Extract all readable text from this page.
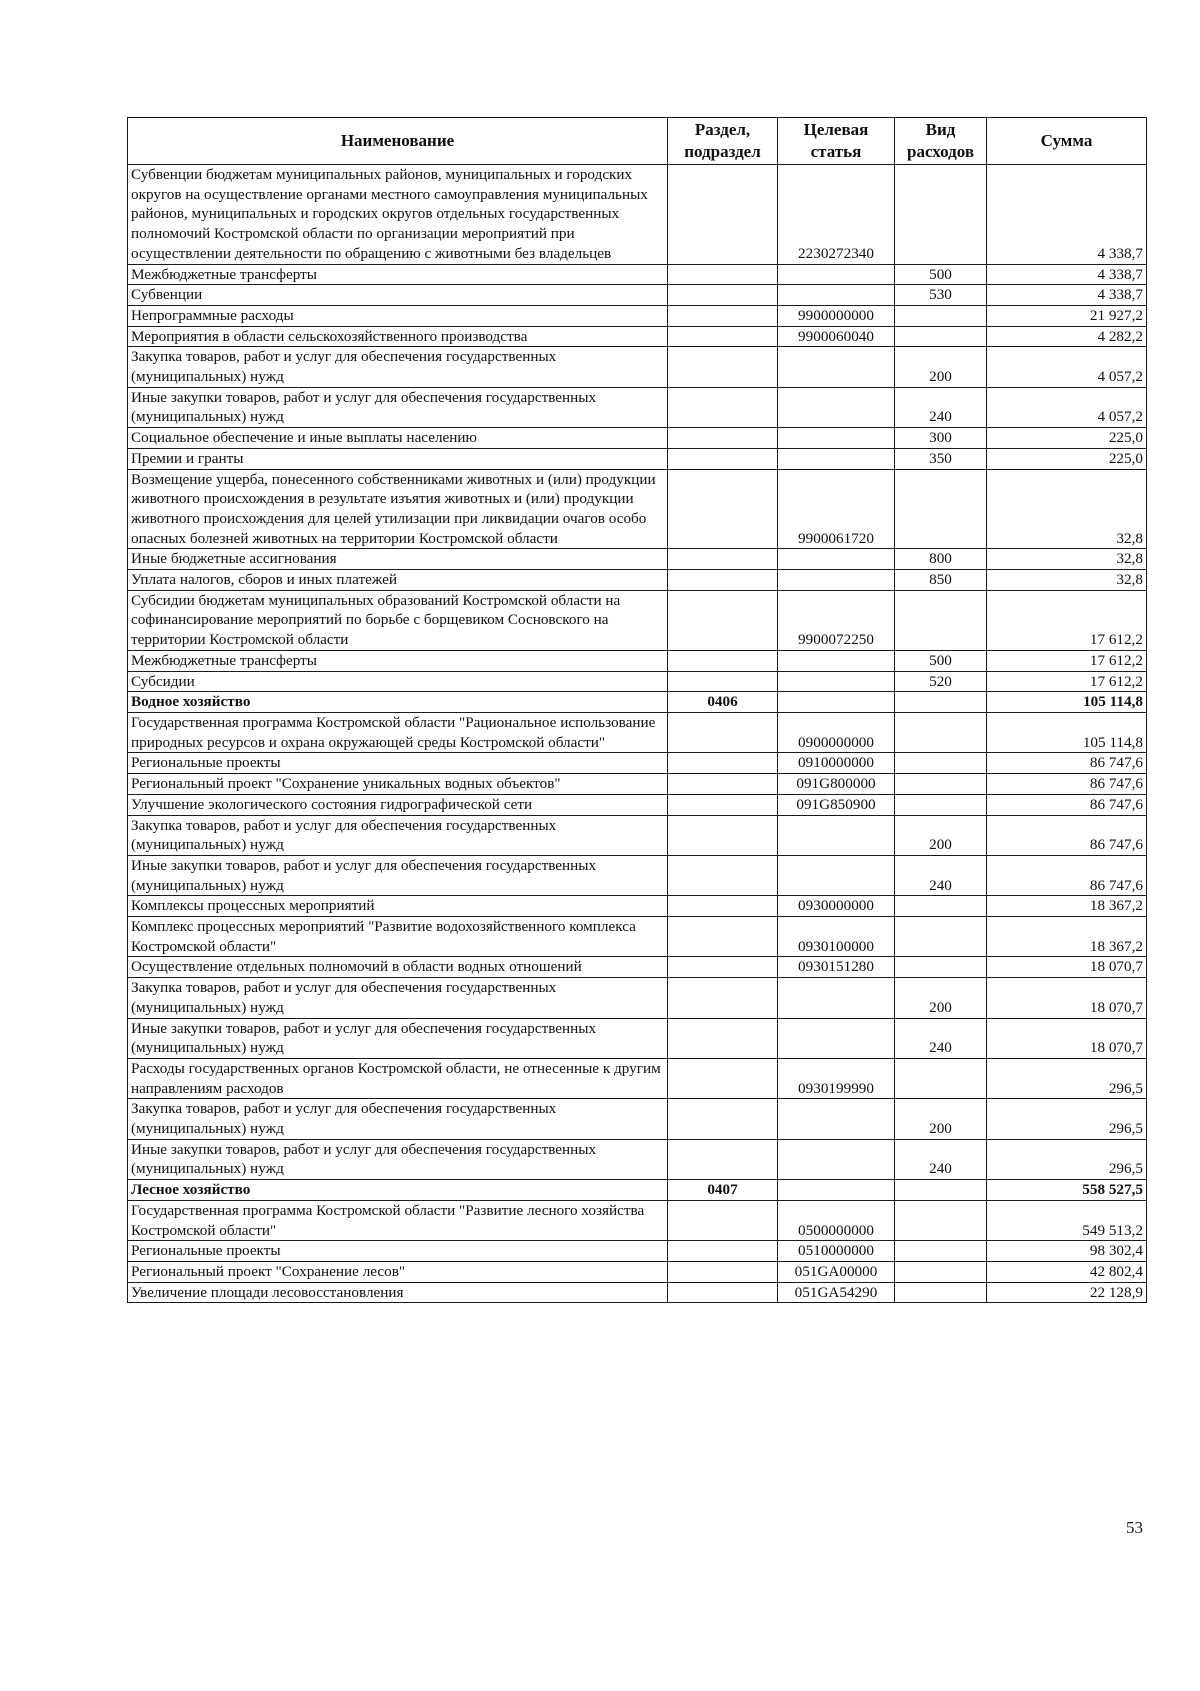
Наименование	Раздел, подраздел	Целевая статья	Вид расходов	Сумма
Субвенции бюджетам муниципальных районов, муниципальных и городских округов на осуществление органами местного самоуправления муниципальных районов, муниципальных и городских округов отдельных государственных полномочий Костромской области по организации мероприятий при осуществлении деятельности по обращению с животными без владельцев		2230272340		4 338,7
Межбюджетные трансферты			500	4 338,7
Субвенции			530	4 338,7
Непрограммные расходы		9900000000		21 927,2
Мероприятия в области сельскохозяйственного производства		9900060040		4 282,2
Закупка товаров, работ и услуг для обеспечения государственных (муниципальных) нужд			200	4 057,2
Иные закупки товаров, работ и услуг для обеспечения государственных (муниципальных) нужд			240	4 057,2
Социальное обеспечение и иные выплаты населению			300	225,0
Премии и гранты			350	225,0
Возмещение ущерба, понесенного собственниками животных и (или) продукции животного происхождения в результате изъятия животных и (или) продукции животного происхождения для целей утилизации при ликвидации очагов особо опасных болезней животных на территории Костромской области		9900061720		32,8
Иные бюджетные ассигнования			800	32,8
Уплата налогов, сборов и иных платежей			850	32,8
Субсидии бюджетам муниципальных образований Костромской области на софинансирование мероприятий по борьбе с борщевиком Сосновского на территории Костромской области		9900072250		17 612,2
Межбюджетные трансферты			500	17 612,2
Субсидии			520	17 612,2
Водное хозяйство	0406			105 114,8
Государственная программа Костромской области "Рациональное использование природных ресурсов и охрана окружающей среды Костромской области"		0900000000		105 114,8
Региональные проекты		0910000000		86 747,6
Региональный проект "Сохранение уникальных водных объектов"		091G800000		86 747,6
Улучшение экологического состояния гидрографической сети		091G850900		86 747,6
Закупка товаров, работ и услуг для обеспечения государственных (муниципальных) нужд			200	86 747,6
Иные закупки товаров, работ и услуг для обеспечения государственных (муниципальных) нужд			240	86 747,6
Комплексы процессных мероприятий		0930000000		18 367,2
Комплекс процессных мероприятий "Развитие водохозяйственного комплекса Костромской области"		0930100000		18 367,2
Осуществление отдельных полномочий в области водных отношений		0930151280		18 070,7
Закупка товаров, работ и услуг для обеспечения государственных (муниципальных) нужд			200	18 070,7
Иные закупки товаров, работ и услуг для обеспечения государственных (муниципальных) нужд			240	18 070,7
Расходы государственных органов Костромской области, не отнесенные к другим направлениям расходов		0930199990		296,5
Закупка товаров, работ и услуг для обеспечения государственных (муниципальных) нужд			200	296,5
Иные закупки товаров, работ и услуг для обеспечения государственных (муниципальных) нужд			240	296,5
Лесное хозяйство	0407			558 527,5
Государственная программа Костромской области "Развитие лесного хозяйства Костромской области"		0500000000		549 513,2
Региональные проекты		0510000000		98 302,4
Региональный проект "Сохранение лесов"		051GA00000		42 802,4
Увеличение площади лесовосстановления		051GA54290		22 128,9
53
